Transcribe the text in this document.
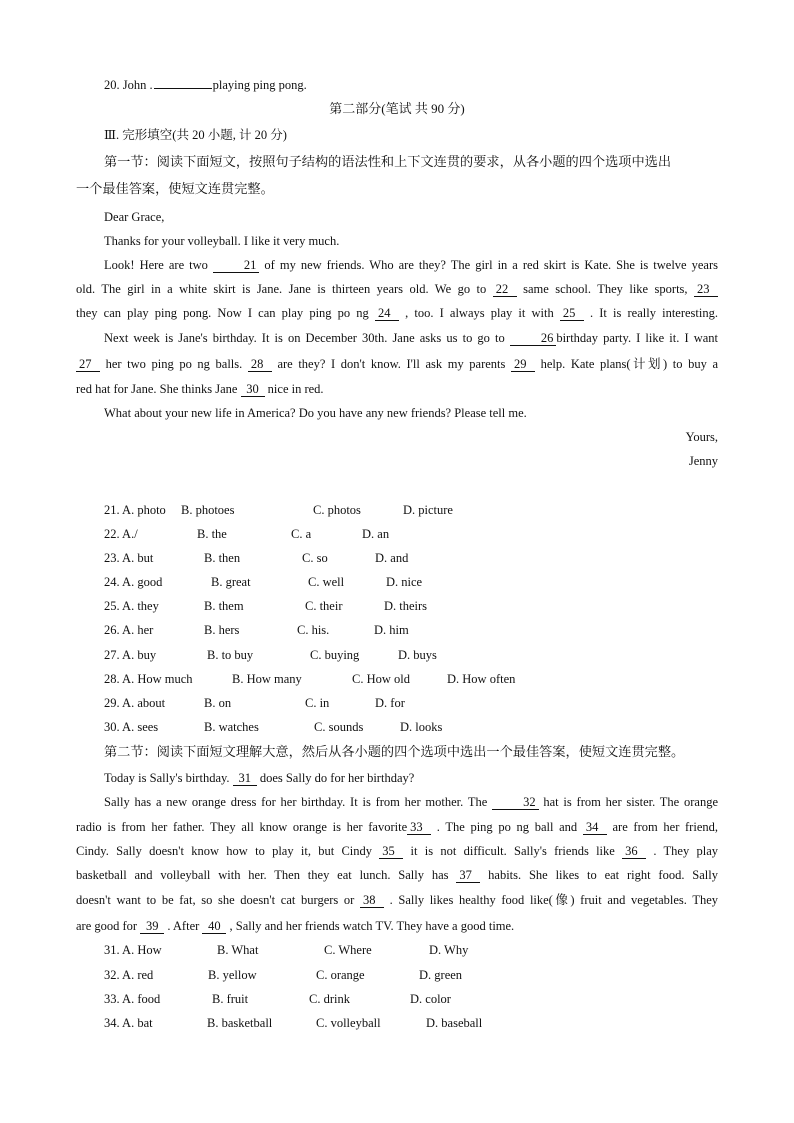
20. John .	playing ping pong.
第二部分(笔试 共 90 分)
Ⅲ. 完形填空(共 20 小题, 计 20 分)
第一节：阅读下面短文，按照句子结构的语法性和上下文连贯的要求，从各小题的四个选项中选出
一个最佳答案，使短文连贯完整。
Dear Grace,
Thanks for your volleyball. I like it very much.
Look! Here are two 21 of my new friends. Who are they? The girl in a red skirt is Kate. She is twelve years
old. The girl in a white skirt is Jane. Jane is thirteen years old. We go to 22 same school. They like sports, 23
they can play ping pong. Now I can play ping po ng 24 , too. I always play it with 25 . It is really interesting.
Next week is Jane's birthday. It is on December 30th. Jane asks us to go to 26 birthday party. I like it. I want
27 her two ping po ng balls. 28 are they? I don't know. I'll ask my parents 29 help. Kate plans(计划) to buy a
red hat for Jane. She thinks Jane 30 nice in red.
What about your new life in America? Do you have any new friends? Please tell me.
Yours,
Jenny
21. A. photo B. photoes	C. photos	D. picture
22. A./	B. the	C. a	D. an
23. A. but	B. then	C. so	D. and
24. A. good	B. great	C. well	D. nice
25. A. they	B. them	C. their	D. theirs
26. A. her	B. hers	C. his.	D. him
27. A. buy	B. to buy	C. buying	D. buys
28. A. How much	B. How many	C. How old	D. How often
29. A. about	B. on	C. in	D. for
30. A. sees	B. watches	C. sounds	D. looks
第二节：阅读下面短文理解大意，然后从各小题的四个选项中选出一个最佳答案，使短文连贯完整。
Today is Sally's birthday. 31 does Sally do for her birthday?
Sally has a new orange dress for her birthday. It is from her mother. The 32 hat is from her sister. The orange
radio is from her father. They all know orange is her favorite 33 . The ping po ng ball and 34 are from her friend,
Cindy. Sally doesn't know how to play it, but Cindy 35 it is not difficult. Sally's friends like 36 . They play
basketball and volleyball with her. Then they eat lunch. Sally has 37 habits. She likes to eat right food. Sally
doesn't want to be fat, so she doesn't cat burgers or 38 . Sally likes healthy food like(像) fruit and vegetables. They
are good for 39 . After 40 , Sally and her friends watch TV. They have a good time.
31. A. How	B. What	C. Where	D. Why
32. A. red	B. yellow	C. orange	D. green
33. A. food	B. fruit	C. drink	D. color
34. A. bat	B. basketball	C. volleyball	D. baseball
